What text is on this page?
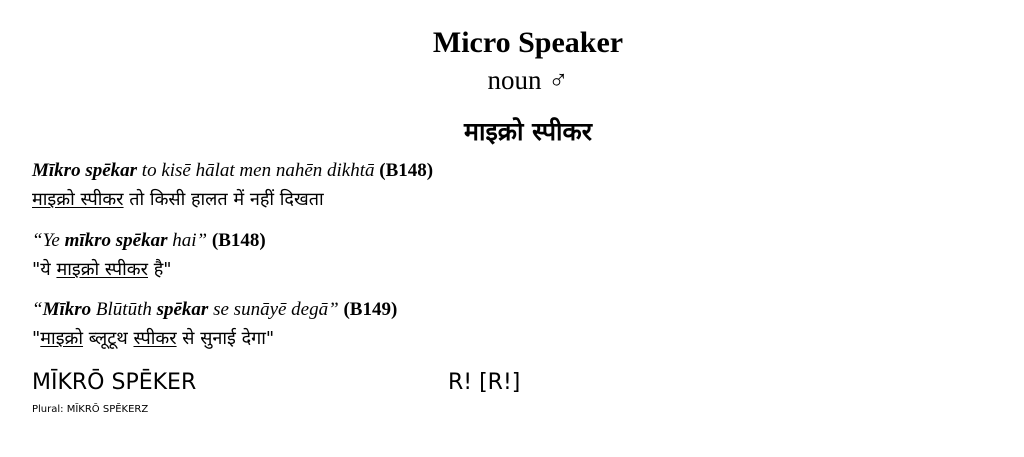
Micro Speaker
noun ♂
माइक्रो स्पीकर
Mīkro spēkar to kisē hālat men nahēn dikhtā (B148)
माइक्रो स्पीकर तो किसी हालत में नहीं दिखता
“Ye mīkro spēkar hai” (B148)
"ये माइक्रो स्पीकर है"
“Mīkro Blūtūth spēkar se sunāyē degā” (B149)
"माइक्रो ब्लूटूथ स्पीकर से सुनाई देगा"
MĪKRŌ SPĒKER	R! [R!]
Plural: MĪKRŌ SPĒKERZ
